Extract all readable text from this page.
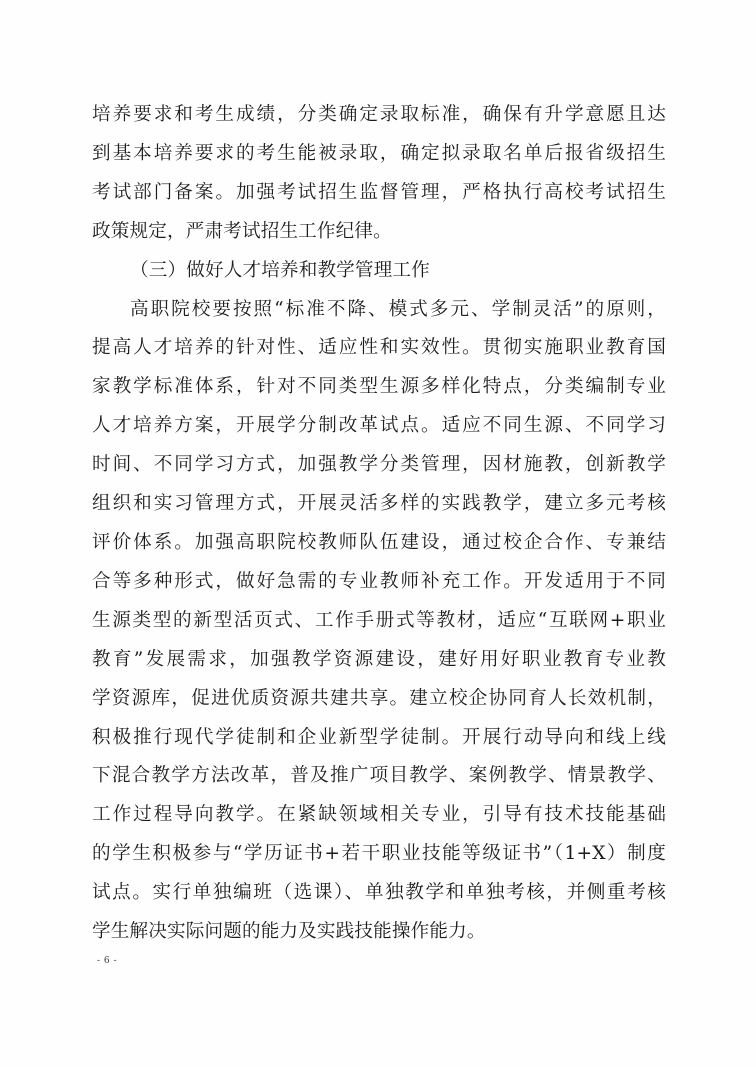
培养要求和考生成绩，分类确定录取标准，确保有升学意愿且达

到基本培养要求的考生能被录取，确定拟录取名单后报省级招生

考试部门备案。加强考试招生监督管理，严格执行高校考试招生

政策规定，严肃考试招生工作纪律。

（三）做好人才培养和教学管理工作

高职院校要按照“标准不降、模式多元、学制灵活”的原则，

提高人才培养的针对性、适应性和实效性。贯彻实施职业教育国

家教学标准体系，针对不同类型生源多样化特点，分类编制专业

人才培养方案，开展学分制改革试点。适应不同生源、不同学习

时间、不同学习方式，加强教学分类管理，因材施教，创新教学

组织和实习管理方式，开展灵活多样的实践教学，建立多元考核

评价体系。加强高职院校教师队伍建设，通过校企合作、专兼结

合等多种形式，做好急需的专业教师补充工作。开发适用于不同

生源类型的新型活页式、工作手册式等教材，适应“互联网+职业

教育”发展需求，加强教学资源建设，建好用好职业教育专业教

学资源库，促进优质资源共建共享。建立校企协同育人长效机制，

积极推行现代学徒制和企业新型学徒制。开展行动导向和线上线

下混合教学方法改革，普及推广项目教学、案例教学、情景教学、

工作过程导向教学。在紧缺领域相关专业，引导有技术技能基础

的学生积极参与“学历证书+若干职业技能等级证书”（1+X）制度

试点。实行单独编班（选课）、单独教学和单独考核，并侧重考核

学生解决实际问题的能力及实践技能操作能力。

- 6 -
